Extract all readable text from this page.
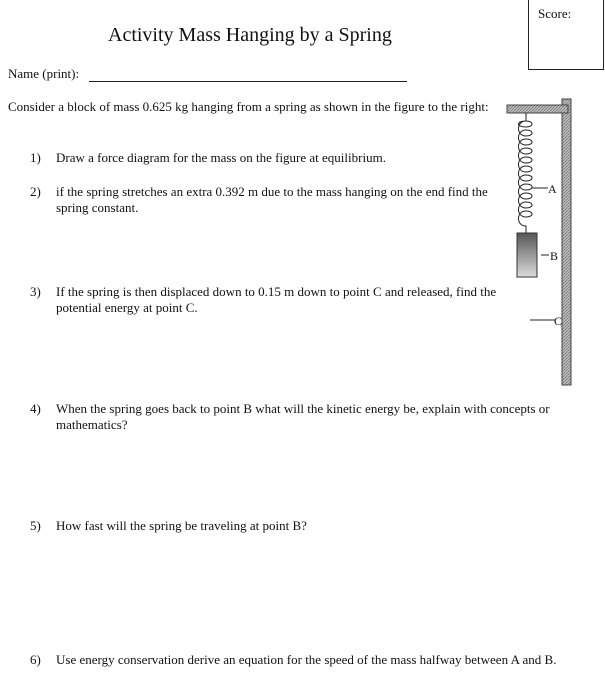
Score:
Activity Mass Hanging by a Spring
Name (print):
Consider a block of mass 0.625 kg hanging from a spring as shown in the figure to the right:
1)	Draw a force diagram for the mass on the figure at equilibrium.
2)	if the spring stretches an extra 0.392 m due to the mass hanging on the end find the spring constant.
3)	If the spring is then displaced down to 0.15 m down to point C and released, find the potential energy at point C.
4)	When the spring goes back to point B what will the kinetic energy be, explain with concepts or mathematics?
5)	How fast will the spring be traveling at point B?
6)	Use energy conservation derive an equation for the speed of the mass halfway between A and B.
A
B
C
